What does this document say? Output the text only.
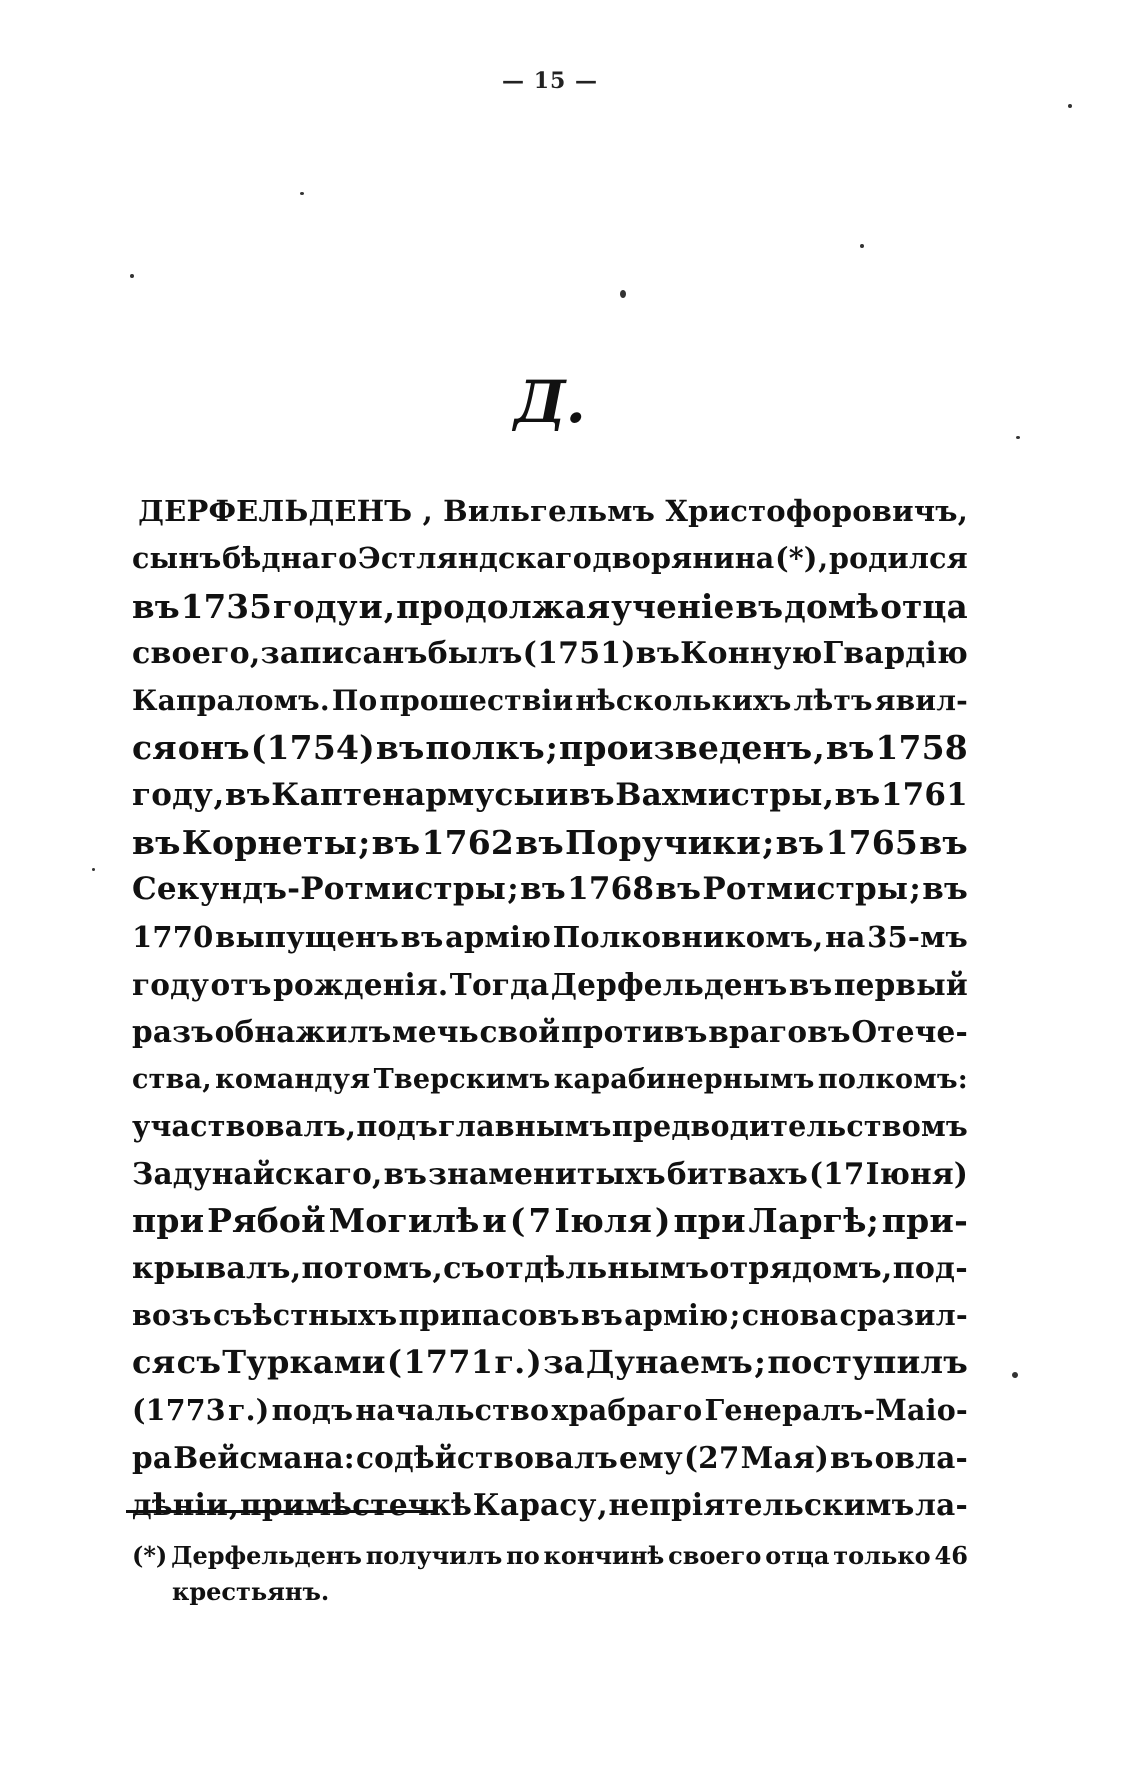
— 15 —
Д.
ДЕРФЕЛЬДЕНЪ , Вильгельмъ Христофоровичъ,
сынъ бѣднаго Эстляндскаго дворянина (*) , родился
въ 1735 году и , продолжая ученіе въ домѣ отца
своего , записанъ былъ (1751) въ Конную Гвардію
Капраломъ. По прошествіи нѣсколькихъ лѣтъ явил-
ся онъ (1754) въ полкъ ; произведенъ , въ 1758
году , въ Каптенармусы и въ Вахмистры , въ 1761
въ Корнеты ; въ 1762 въ Поручики ; въ 1765 въ
Секундъ-Ротмистры ; въ 1768 въ Ротмистры ; въ
1770 выпущенъ въ армію Полковникомъ, на 35-мъ
году отъ рожденія. Тогда Дерфельденъ въ первый
разъ обнажилъ мечь свой противъ враговъ Отече-
ства, командуя Тверскимъ карабинернымъ полкомъ:
участвовалъ , подъ главнымъ предводительствомъ
Задунайскаго, въ знаменитыхъ битвахъ (17 Іюня)
при Рябой Могилѣ и ( 7 Іюля ) при Ларгѣ; при-
крывалъ , потомъ , съ отдѣльнымъ отрядомъ , под-
возъ съѣстныхъ припасовъ въ армію ; снова сразил-
ся съ Турками ( 1771 г. ) за Дунаемъ ; поступилъ
(1773 г.) подъ начальство храбраго Генералъ-Маіо-
ра Вейсмана: содѣйствовалъ ему (27 Мая) въ овла-
дѣніи , при мѣстечкѣ Карасу , непріятельскимъ ла-
(*) Дерфельденъ получилъ по кончинѣ своего отца только 46
крестьянъ.
